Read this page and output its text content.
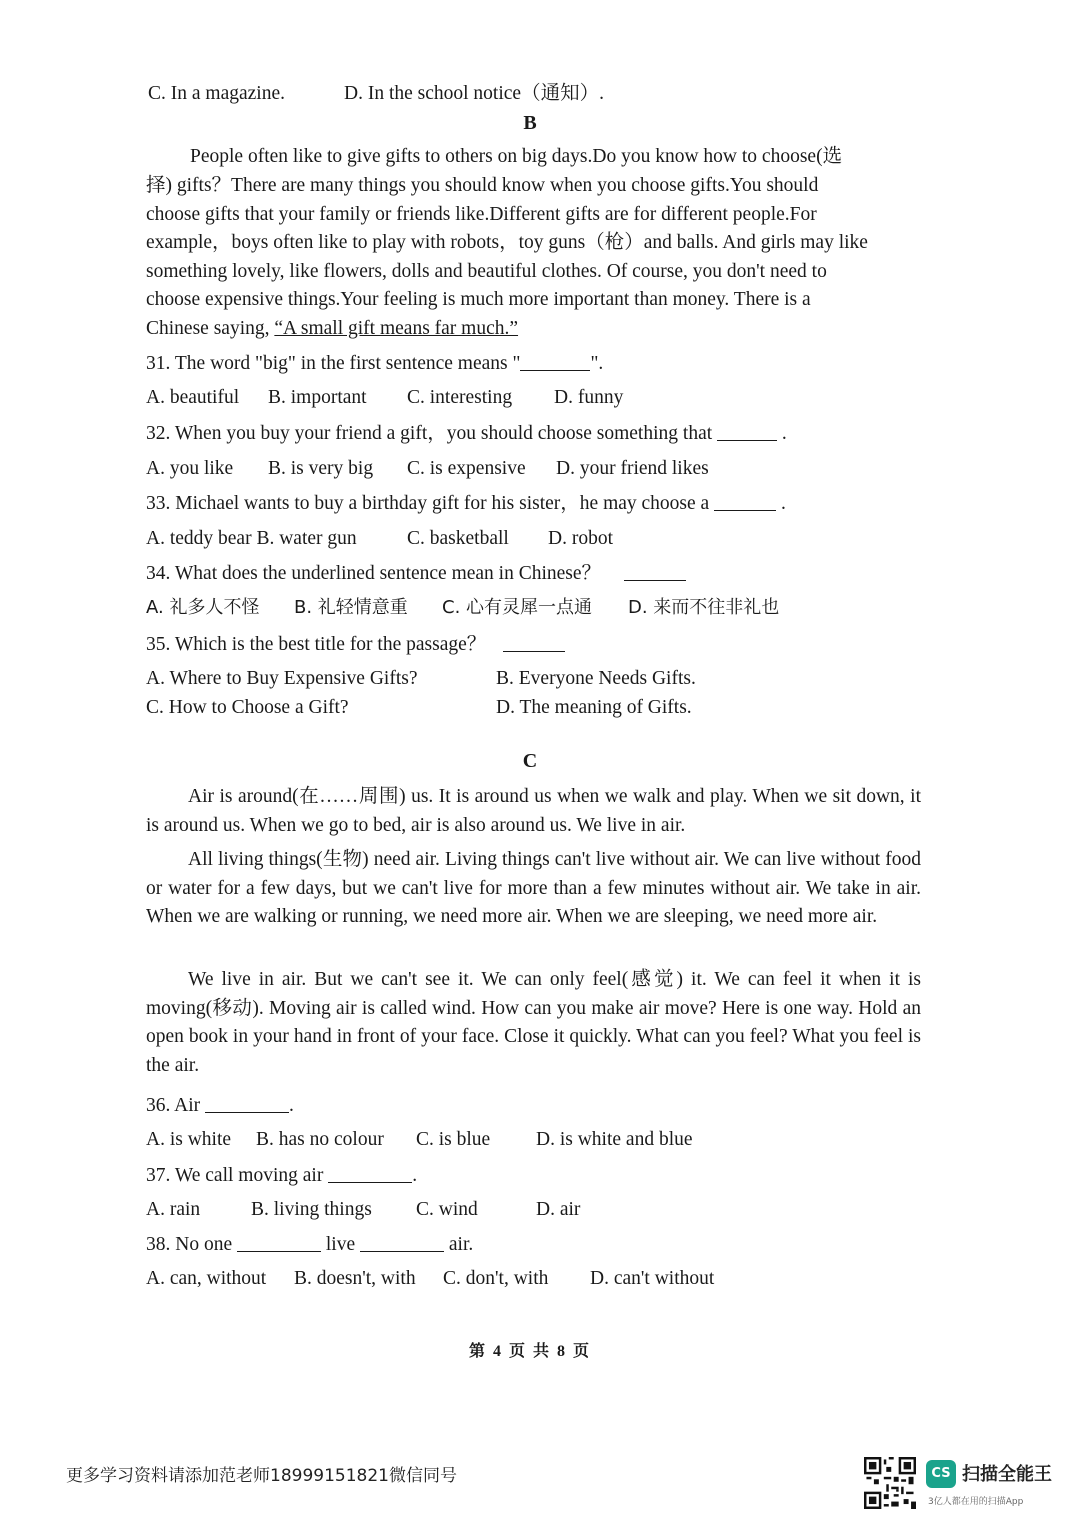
C. In a magazine.	D. In the school notice（通知）.
B
People often like to give gifts to others on big days.Do you know how to choose(选
择) gifts？There are many things you should know when you choose gifts.You should
choose gifts that your family or friends like.Different gifts are for different people.For
example，boys often like to play with robots，toy guns（枪）and balls. And girls may like
something lovely, like flowers, dolls and beautiful clothes. Of course, you don't need to
choose expensive things.Your feeling is much more important than money. There is a
Chinese saying, “A small gift means far much.”
31. The word "big" in the first sentence means "	".
A. beautiful B. important C. interesting D. funny
32. When you buy your friend a gift，you should choose something that	.
A. you like B. is very big C. is expensive D. your friend likes
33. Michael wants to buy a birthday gift for his sister，he may choose a	.
A. teddy bear B. water gun	C. basketball D. robot
34. What does the underlined sentence mean in Chinese？
A. 礼多人不怪 B. 礼轻情意重 C. 心有灵犀一点通 D. 来而不往非礼也
35. Which is the best title for the passage？
A. Where to Buy Expensive Gifts?	B. Everyone Needs Gifts.
C. How to Choose a Gift?	D. The meaning of Gifts.
C
Air is around(在……周围) us. It is around us when we walk and play. When we sit down, it is around us. When we go to bed, air is also around us. We live in air.
All living things(生物) need air. Living things can't live without air. We can live without food or water for a few days, but we can't live for more than a few minutes without air. We take in air. When we are walking or running, we need more air. When we are sleeping, we need more air.
We live in air. But we can't see it. We can only feel(感觉) it. We can feel it when it is moving(移动). Moving air is called wind. How can you make air move? Here is one way. Hold an open book in your hand in front of your face. Close it quickly. What can you feel? What you feel is the air.
36. Air	.
A. is white B. has no colour C. is blue D. is white and blue
37. We call moving air	.
A. rain	B. living things C. wind	D. air
38. No one	live	air.
A. can, without B. doesn't, with C. don't, with D. can't without
第 4 页 共 8 页
更多学习资料请添加范老师18999151821微信同号	CS 扫描全能王
3亿人都在用的扫描App
